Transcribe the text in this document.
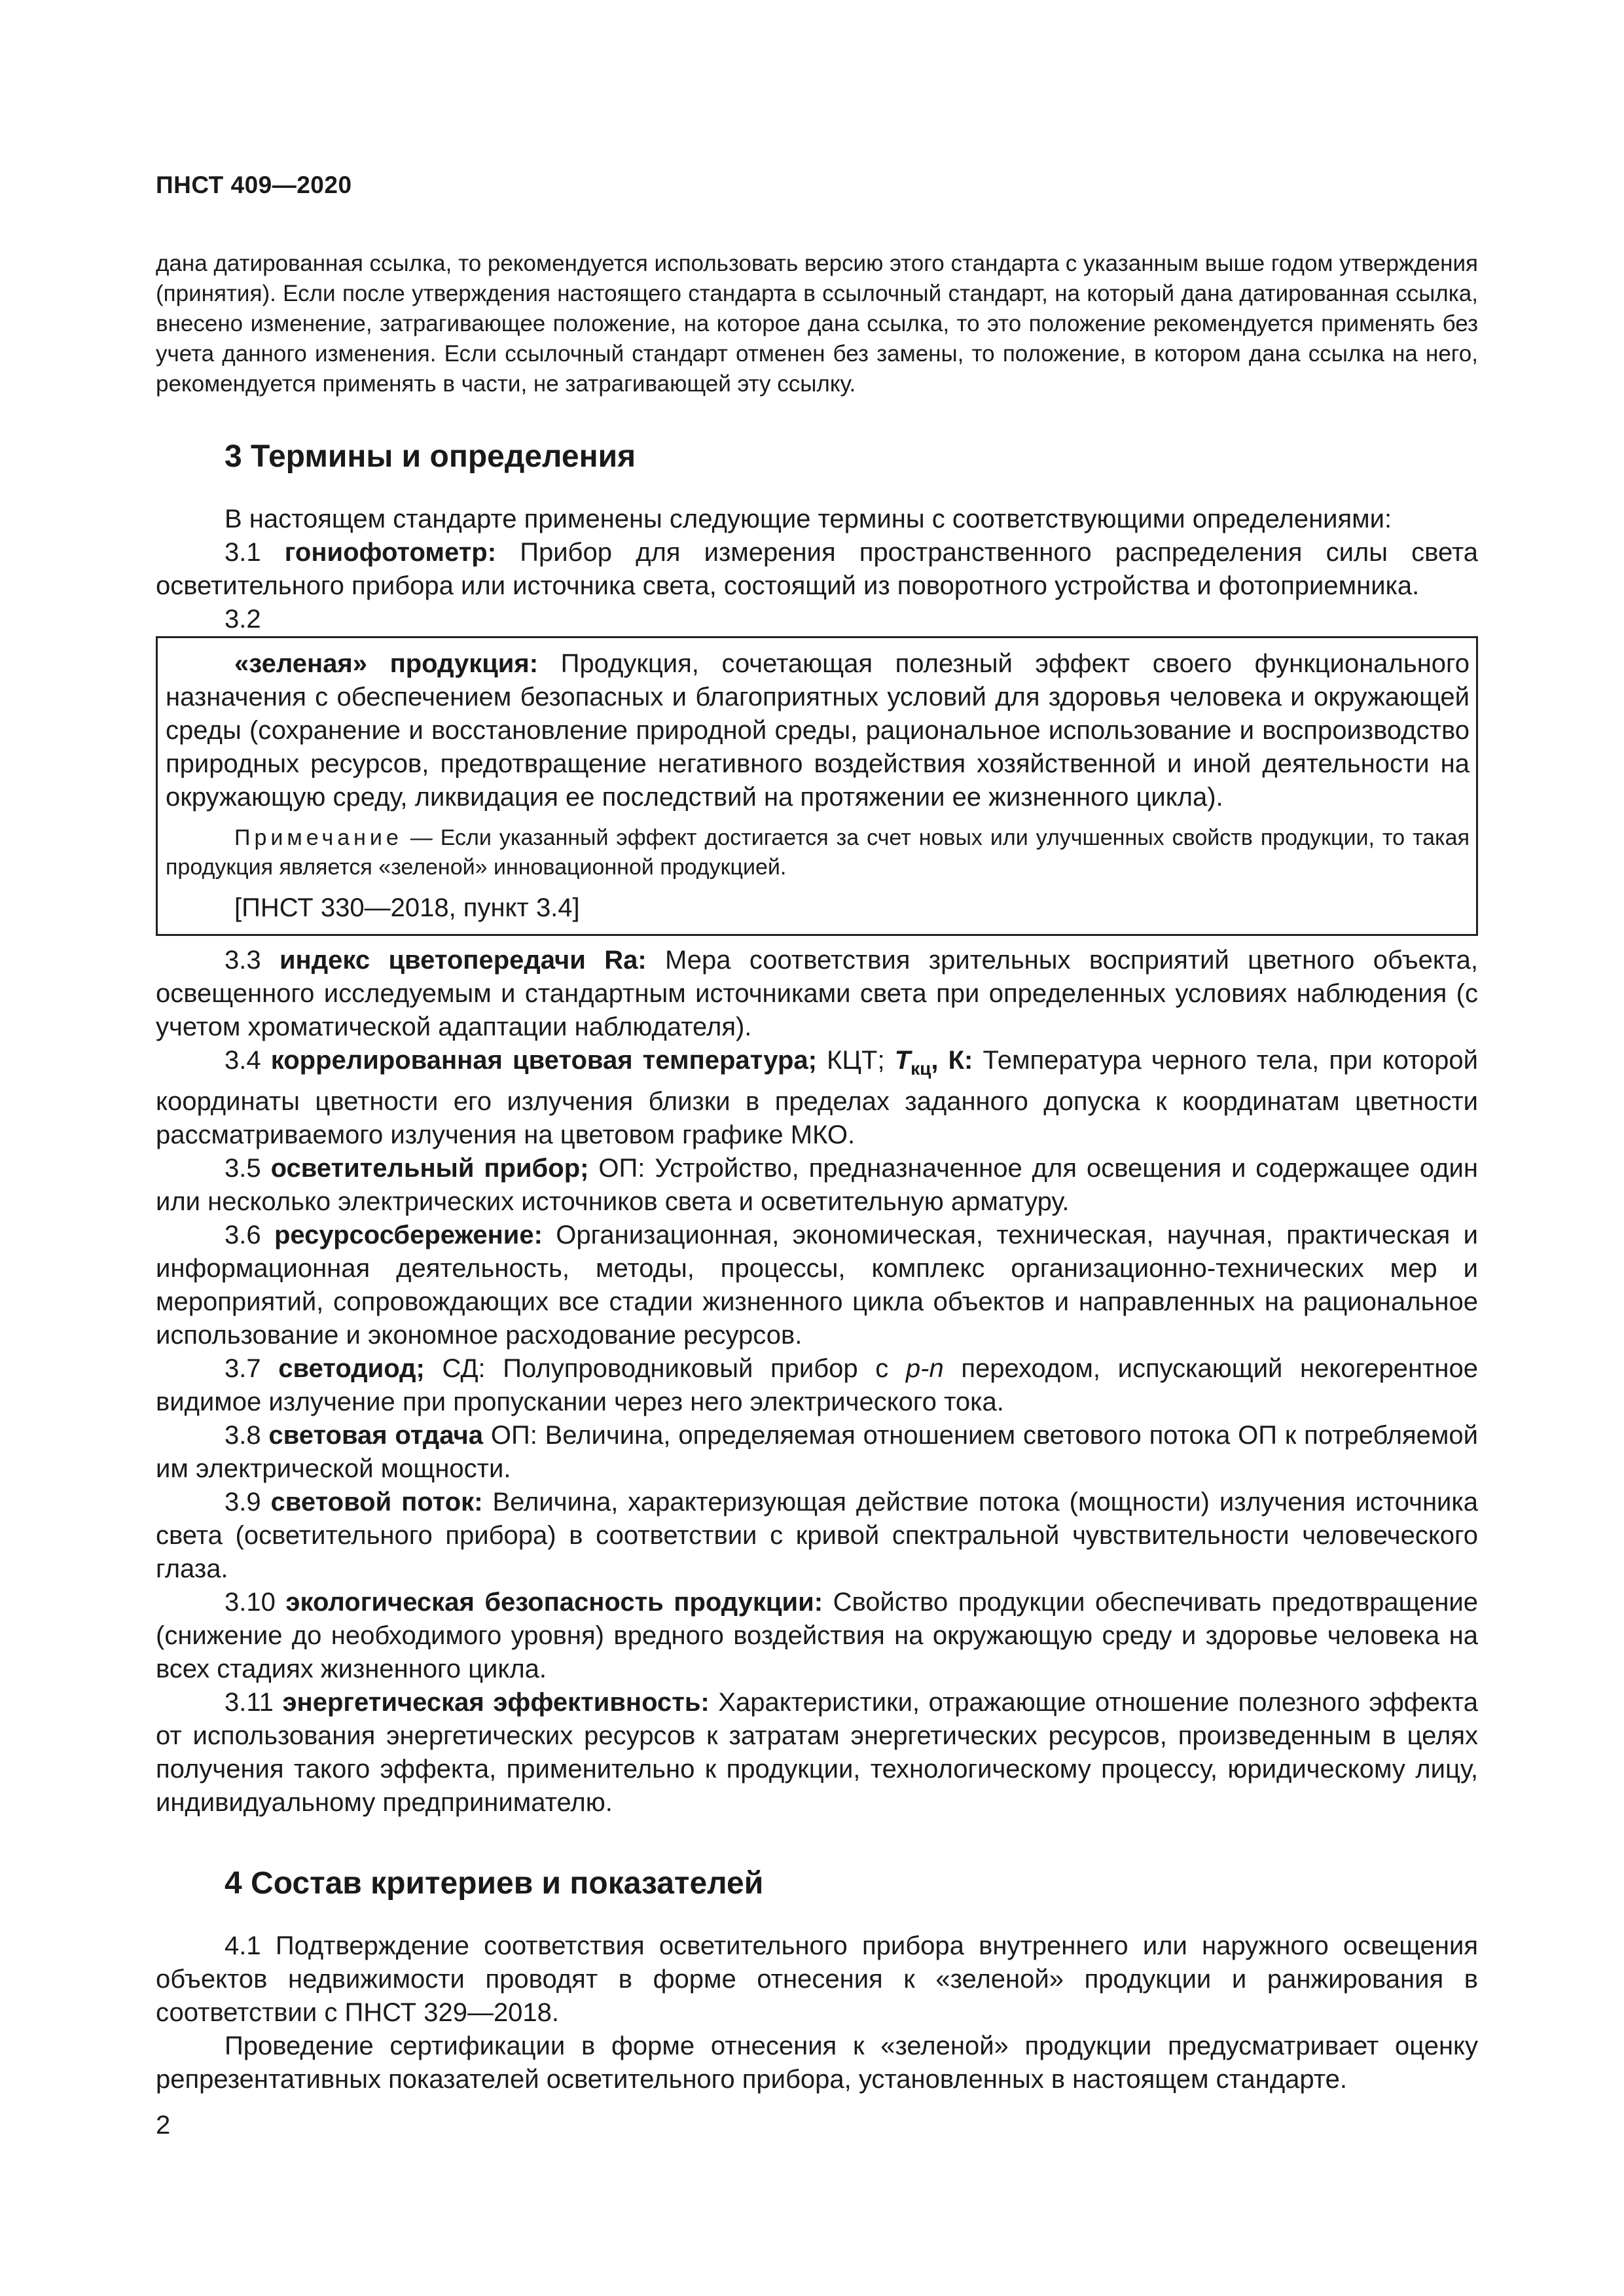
ПНСТ 409—2020

дана датированная ссылка, то рекомендуется использовать версию этого стандарта с указанным выше годом утверждения (принятия). Если после утверждения настоящего стандарта в ссылочный стандарт, на который дана датированная ссылка, внесено изменение, затрагивающее положение, на которое дана ссылка, то это положение рекомендуется применять без учета данного изменения. Если ссылочный стандарт отменен без замены, то положение, в котором дана ссылка на него, рекомендуется применять в части, не затрагивающей эту ссылку.

3 Термины и определения

В настоящем стандарте применены следующие термины с соответствующими определениями:

3.1 гониофотометр: Прибор для измерения пространственного распределения силы света осветительного прибора или источника света, состоящий из поворотного устройства и фотоприемника.

3.2

«зеленая» продукция: Продукция, сочетающая полезный эффект своего функционального назначения с обеспечением безопасных и благоприятных условий для здоровья человека и окружающей среды (сохранение и восстановление природной среды, рациональное использование и воспроизводство природных ресурсов, предотвращение негативного воздействия хозяйственной и иной деятельности на окружающую среду, ликвидация ее последствий на протяжении ее жизненного цикла).

Примечание — Если указанный эффект достигается за счет новых или улучшенных свойств продукции, то такая продукция является «зеленой» инновационной продукцией.

[ПНСТ 330—2018, пункт 3.4]

3.3 индекс цветопередачи Ra: Мера соответствия зрительных восприятий цветного объекта, освещенного исследуемым и стандартным источниками света при определенных условиях наблюдения (с учетом хроматической адаптации наблюдателя).

3.4 коррелированная цветовая температура; КЦТ; $T_{кц}$, К: Температура черного тела, при которой координаты цветности его излучения близки в пределах заданного допуска к координатам цветности рассматриваемого излучения на цветовом графике МКО.

3.5 осветительный прибор; ОП: Устройство, предназначенное для освещения и содержащее один или несколько электрических источников света и осветительную арматуру.

3.6 ресурсосбережение: Организационная, экономическая, техническая, научная, практическая и информационная деятельность, методы, процессы, комплекс организационно-технических мер и мероприятий, сопровождающих все стадии жизненного цикла объектов и направленных на рациональное использование и экономное расходование ресурсов.

3.7 светодиод; СД: Полупроводниковый прибор с p-n переходом, испускающий некогерентное видимое излучение при пропускании через него электрического тока.

3.8 световая отдача ОП: Величина, определяемая отношением светового потока ОП к потребляемой им электрической мощности.

3.9 световой поток: Величина, характеризующая действие потока (мощности) излучения источника света (осветительного прибора) в соответствии с кривой спектральной чувствительности человеческого глаза.

3.10 экологическая безопасность продукции: Свойство продукции обеспечивать предотвращение (снижение до необходимого уровня) вредного воздействия на окружающую среду и здоровье человека на всех стадиях жизненного цикла.

3.11 энергетическая эффективность: Характеристики, отражающие отношение полезного эффекта от использования энергетических ресурсов к затратам энергетических ресурсов, произведенным в целях получения такого эффекта, применительно к продукции, технологическому процессу, юридическому лицу, индивидуальному предпринимателю.

4 Состав критериев и показателей

4.1 Подтверждение соответствия осветительного прибора внутреннего или наружного освещения объектов недвижимости проводят в форме отнесения к «зеленой» продукции и ранжирования в соответствии с ПНСТ 329—2018.

Проведение сертификации в форме отнесения к «зеленой» продукции предусматривает оценку репрезентативных показателей осветительного прибора, установленных в настоящем стандарте.

2
